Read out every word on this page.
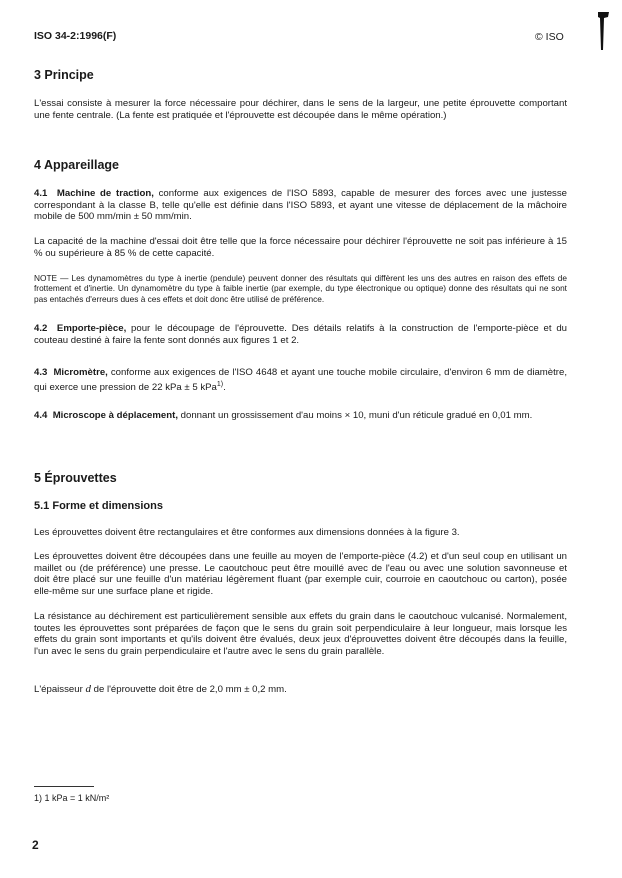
ISO 34-2:1996(F)	© ISO
3 Principe

L'essai consiste à mesurer la force nécessaire pour déchirer, dans le sens de la largeur, une petite éprouvette comportant une fente centrale. (La fente est pratiquée et l'éprouvette est découpée dans le même opération.)

4 Appareillage

4.1 Machine de traction, conforme aux exigences de l'ISO 5893, capable de mesurer des forces avec une justesse correspondant à la classe B, telle qu'elle est définie dans l'ISO 5893, et ayant une vitesse de déplacement de la mâchoire mobile de 500 mm/min ± 50 mm/min.

La capacité de la machine d'essai doit être telle que la force nécessaire pour déchirer l'éprouvette ne soit pas inférieure à 15 % ou supérieure à 85 % de cette capacité.

NOTE — Les dynamomètres du type à inertie (pendule) peuvent donner des résultats qui diffèrent les uns des autres en raison des effets de frottement et d'inertie. Un dynamomètre du type à faible inertie (par exemple, du type électronique ou optique) donne des résultats qui ne sont pas entachés d'erreurs dues à ces effets et doit donc être utilisé de préférence.

4.2 Emporte-pièce, pour le découpage de l'éprouvette. Des détails relatifs à la construction de l'emporte-pièce et du couteau destiné à faire la fente sont donnés aux figures 1 et 2.

4.3 Micromètre, conforme aux exigences de l'ISO 4648 et ayant une touche mobile circulaire, d'environ 6 mm de diamètre, qui exerce une pression de 22 kPa ± 5 kPa$^{1)}$.

4.4 Microscope à déplacement, donnant un grossissement d'au moins × 10, muni d'un réticule gradué en 0,01 mm.

5 Éprouvettes
5.1 Forme et dimensions

Les éprouvettes doivent être rectangulaires et être conformes aux dimensions données à la figure 3.

Les éprouvettes doivent être découpées dans une feuille au moyen de l'emporte-pièce (4.2) et d'un seul coup en utilisant un maillet ou (de préférence) une presse. Le caoutchouc peut être mouillé avec de l'eau ou avec une solution savonneuse et doit être placé sur une feuille d'un matériau légèrement fluant (par exemple cuir, courroie en caoutchouc ou carton), posée elle-même sur une surface plane et rigide.

La résistance au déchirement est particulièrement sensible aux effets du grain dans le caoutchouc vulcanisé. Normalement, toutes les éprouvettes sont préparées de façon que le sens du grain soit perpendiculaire à leur longueur, mais lorsque les effets du grain sont importants et qu'ils doivent être évalués, deux jeux d'éprouvettes doivent être découpés dans la feuille, l'un avec le sens du grain perpendiculaire et l'autre avec le sens du grain parallèle.

L'épaisseur d de l'éprouvette doit être de 2,0 mm ± 0,2 mm.

1) 1 kPa = 1 kN/m²
2
